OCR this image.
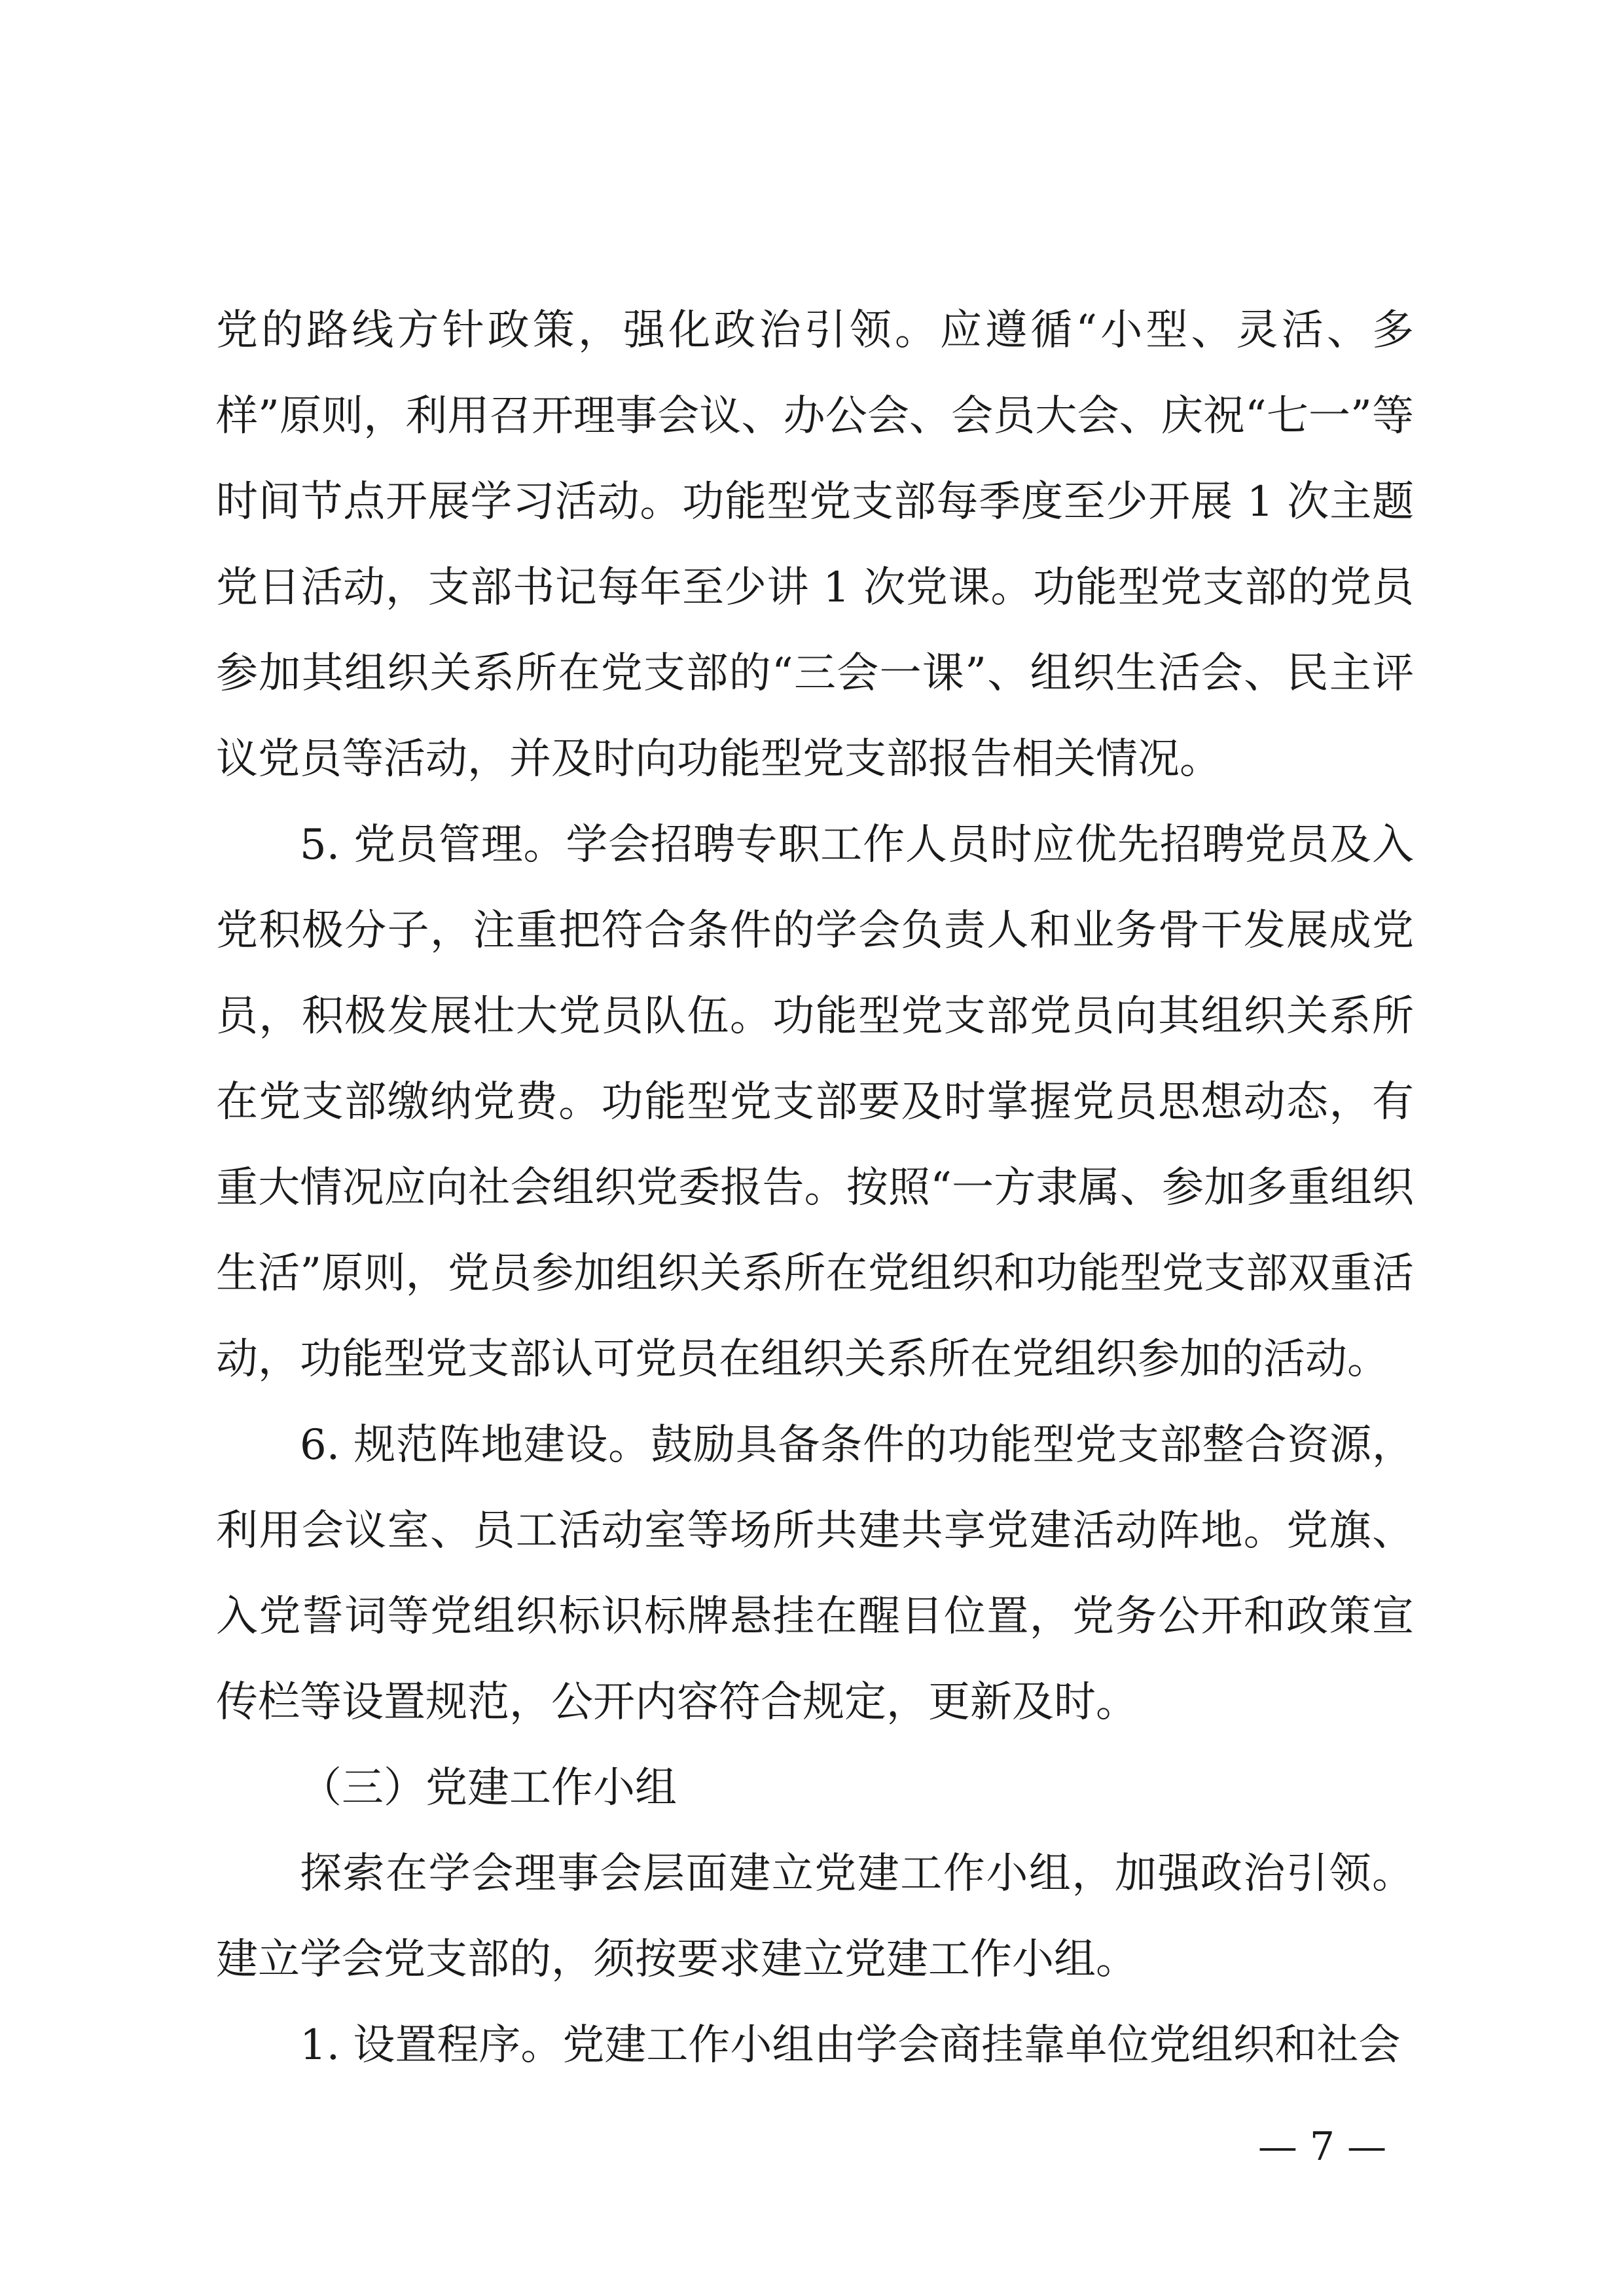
党的路线方针政策，强化政治引领。应遵循“小型、灵活、多样”原则，利用召开理事会议、办公会、会员大会、庆祝“七一”等时间节点开展学习活动。功能型党支部每季度至少开展 1 次主题党日活动，支部书记每年至少讲 1 次党课。功能型党支部的党员参加其组织关系所在党支部的“三会一课”、组织生活会、民主评议党员等活动，并及时向功能型党支部报告相关情况。

5. 党员管理。学会招聘专职工作人员时应优先招聘党员及入党积极分子，注重把符合条件的学会负责人和业务骨干发展成党员，积极发展壮大党员队伍。功能型党支部党员向其组织关系所在党支部缴纳党费。功能型党支部要及时掌握党员思想动态，有重大情况应向社会组织党委报告。按照“一方隶属、参加多重组织生活”原则，党员参加组织关系所在党组织和功能型党支部双重活动，功能型党支部认可党员在组织关系所在党组织参加的活动。

6. 规范阵地建设。鼓励具备条件的功能型党支部整合资源，利用会议室、员工活动室等场所共建共享党建活动阵地。党旗、入党誓词等党组织标识标牌悬挂在醒目位置，党务公开和政策宣传栏等设置规范，公开内容符合规定，更新及时。

（三）党建工作小组

探索在学会理事会层面建立党建工作小组，加强政治引领。建立学会党支部的，须按要求建立党建工作小组。

1. 设置程序。党建工作小组由学会商挂靠单位党组织和社会

— 7 —
